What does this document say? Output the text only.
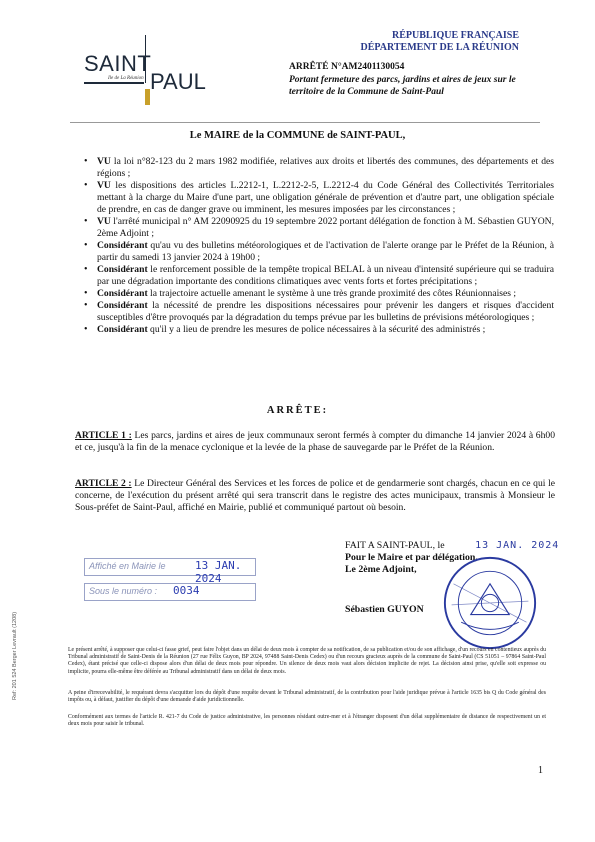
SAINT
PAUL
Ile de La Réunion
RÉPUBLIQUE FRANÇAISE
DÉPARTEMENT DE LA RÉUNION
ARRÊTÉ N°AM2401130054
Portant fermeture des parcs, jardins et aires de jeux sur le territoire de la Commune de Saint-Paul
Le MAIRE de la COMMUNE de SAINT-PAUL,
• VU la loi n°82-123 du 2 mars 1982 modifiée, relatives aux droits et libertés des communes, des départements et des régions ;
• VU les dispositions des articles L.2212-1, L.2212-2-5, L.2212-4 du Code Général des Collectivités Territoriales mettant à la charge du Maire d'une part, une obligation générale de prévention et d'autre part, une obligation spéciale de prendre, en cas de danger grave ou imminent, les mesures imposées par les circonstances ;
• VU l'arrêté municipal n° AM 22090925 du 19 septembre 2022 portant délégation de fonction à M. Sébastien GUYON, 2ème Adjoint ;
• Considérant qu'au vu des bulletins météorologiques et de l'activation de l'alerte orange par le Préfet de la Réunion, à partir du samedi 13 janvier 2024 à 19h00 ;
• Considérant le renforcement possible de la tempête tropical BELAL à un niveau d'intensité supérieure qui se traduira par une dégradation importante des conditions climatiques avec vents forts et fortes précipitations ;
• Considérant la trajectoire actuelle amenant le système à une très grande proximité des côtes Réunionnaises ;
• Considérant la nécessité de prendre les dispositions nécessaires pour prévenir les dangers et risques d'accident susceptibles d'être provoqués par la dégradation du temps prévue par les bulletins de prévisions météorologiques ;
• Considérant qu'il y a lieu de prendre les mesures de police nécessaires à la sécurité des administrés ;
ARRÊTE:
ARTICLE 1 : Les parcs, jardins et aires de jeux communaux seront fermés à compter du dimanche 14 janvier 2024 à 6h00 et ce, jusqu'à la fin de la menace cyclonique et la levée de la phase de sauvegarde par le Préfet de la Réunion.
ARTICLE 2 : Le Directeur Général des Services et les forces de police et de gendarmerie sont chargés, chacun en ce qui le concerne, de l'exécution du présent arrêté qui sera transcrit dans le registre des actes municipaux, transmis à Monsieur le Sous-préfet de Saint-Paul, affiché en Mairie, publié et communiqué partout où besoin.
FAIT A SAINT-PAUL, le	13 JAN. 2024
Pour le Maire et par délégation,
Le 2ème Adjoint,
Sébastien GUYON
Affiché en Mairie le	13 JAN. 2024
Sous le numéro : 0034
Le présent arrêté, à supposer que celui-ci fasse grief, peut faire l'objet dans un délai de deux mois à compter de sa notification, de sa publication et/ou de son affichage, d'un recours en contentieux auprès du Tribunal administratif de Saint-Denis de la Réunion (27 rue Félix Guyon, BP 2024, 97488 Saint-Denis Cedex) ou d'un recours gracieux auprès de la commune de Saint-Paul (CS 51051 – 97864 Saint-Paul Cedex), étant précisé que celle-ci dispose alors d'un délai de deux mois pour répondre. Un silence de deux mois vaut alors décision implicite de rejet. La décision ainsi prise, qu'elle soit expresse ou implicite, pourra elle-même être déférée au Tribunal administratif dans un délai de deux mois.
A peine d'irrecevabilité, le requérant devra s'acquitter lors du dépôt d'une requête devant le Tribunal administratif, de la contribution pour l'aide juridique prévue à l'article 1635 bis Q du Code général des impôts ou, à défaut, justifier du dépôt d'une demande d'aide juridictionnelle.
Conformément aux termes de l'article R. 421-7 du Code de justice administrative, les personnes résidant outre-mer et à l'étranger disposent d'un délai supplémentaire de distance de respectivement un et deux mois pour saisir le tribunal.
Ref: 201 524 Berger Levrault (1208)
1
